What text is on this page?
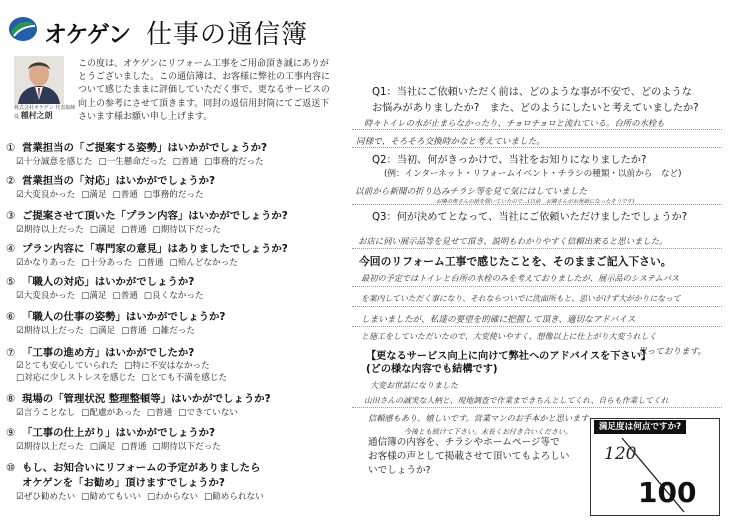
オケゲン 仕事の通信簿
株式会社オケゲン 代表取締役 種村之朗
この度は、オケゲンにリフォーム工事をご用命頂き誠にありがとうございました。この通信簿は、お客様に弊社の工事内容について感じたままに評価していただく事で、更なるサービスの向上の参考にさせて頂きます。同封の返信用封筒にてご返送下さいます様お願い申し上げます。
① 営業担当の「ご提案する姿勢」はいかがでしょうか?
☑十分誠意を感じた □一生懸命だった □普通 □事務的だった
② 営業担当の「対応」はいかがでしょうか?
☑大変良かった □満足 □普通 □事務的だった
③ ご提案させて頂いた「プラン内容」はいかがでしょうか?
☑期待以上だった □満足 □普通 □期待以下だった
④ プラン内容に「専門家の意見」はありましたでしょうか?
☑かなりあった □十分あった □普通 □殆んどなかった
⑤ 「職人の対応」はいかがでしょうか?
☑大変良かった □満足 □普通 □良くなかった
⑥ 「職人の仕事の姿勢」はいかがでしょうか?
☑期待以上だった □満足 □普通 □雑だった
⑦ 「工事の進め方」はいかがでしたか?
☑とても安心していられた □特に不安はなかった
□対応に少しストレスを感じた □とても不満を感じた
⑧ 現場の「管理状況 整理整頓等」はいかがでしょうか?
☑言うことなし □配慮があった □普通 □できていない
⑨ 「工事の仕上がり」はいかがでしょうか?
☑期待以上だった □満足 □普通 □期待以下だった
⑩ もし、お知合いにリフォームの予定がありましたら
オケゲンを「お勧め」頂けますでしょうか?
☑ぜひ勧めたい □勧めてもいい □わからない □勧められない
Q1：当社にご依頼いただく前は、どのような事が不安で、どのような
お悩みがありましたか?　また、どのようにしたいと考えていましたか?
時々トイレの水が止まらなかったり、チョロチョロと流れている。台所の水栓も
同様で、そろそろ交換時かなと考えていました。
Q2：当初、何がきっかけで、当社をお知りになりましたか?
(例：インターネット・リフォームイベント・チラシの種類・以前から　など)
以前から新聞の折り込みチラシ等を見て気にはしていました
お隣の奥さんの話を聞いていたので…(以前　お隣さんがお世話になったそうです)
Q3：何が決めてとなって、当社にご依頼いただけましたでしょうか?
お店に伺い展示品等を見せて頂き、説明もわかりやすく信頼出来ると思いました。
今回のリフォーム工事で感じたことを、そのままご記入下さい。
最初の予定ではトイレと台所の水栓のみを考えておりましたが、展示品のシステムバス
を案内していただく事になり、それならついでに洗面所もと、思いがけず大がかりになって
しまいましたが、私達の要望を的確に把握して頂き、適切なアドバイス
と施工をしていただいたので、大変使いやすく、想像以上に仕上がり大変うれしく
思っております。
【更なるサービス向上に向けて弊社へのアドバイスを下さい】
(どの様な内容でも結構です)
大変お世話になりました
山田さんの誠実な人柄と、現地調査で作業まできちんとしてくれ、自らも作業してくれ
信頼感もあり、嬉しいです。営業マンのお手本かと思います
今後とも続けて下さい。末長くお付き合いください。
通信簿の内容を、チラシやホームページ等で
お客様の声として掲載させて頂いてもよろしい
いでしょうか?
満足度は何点ですか?
120
100
